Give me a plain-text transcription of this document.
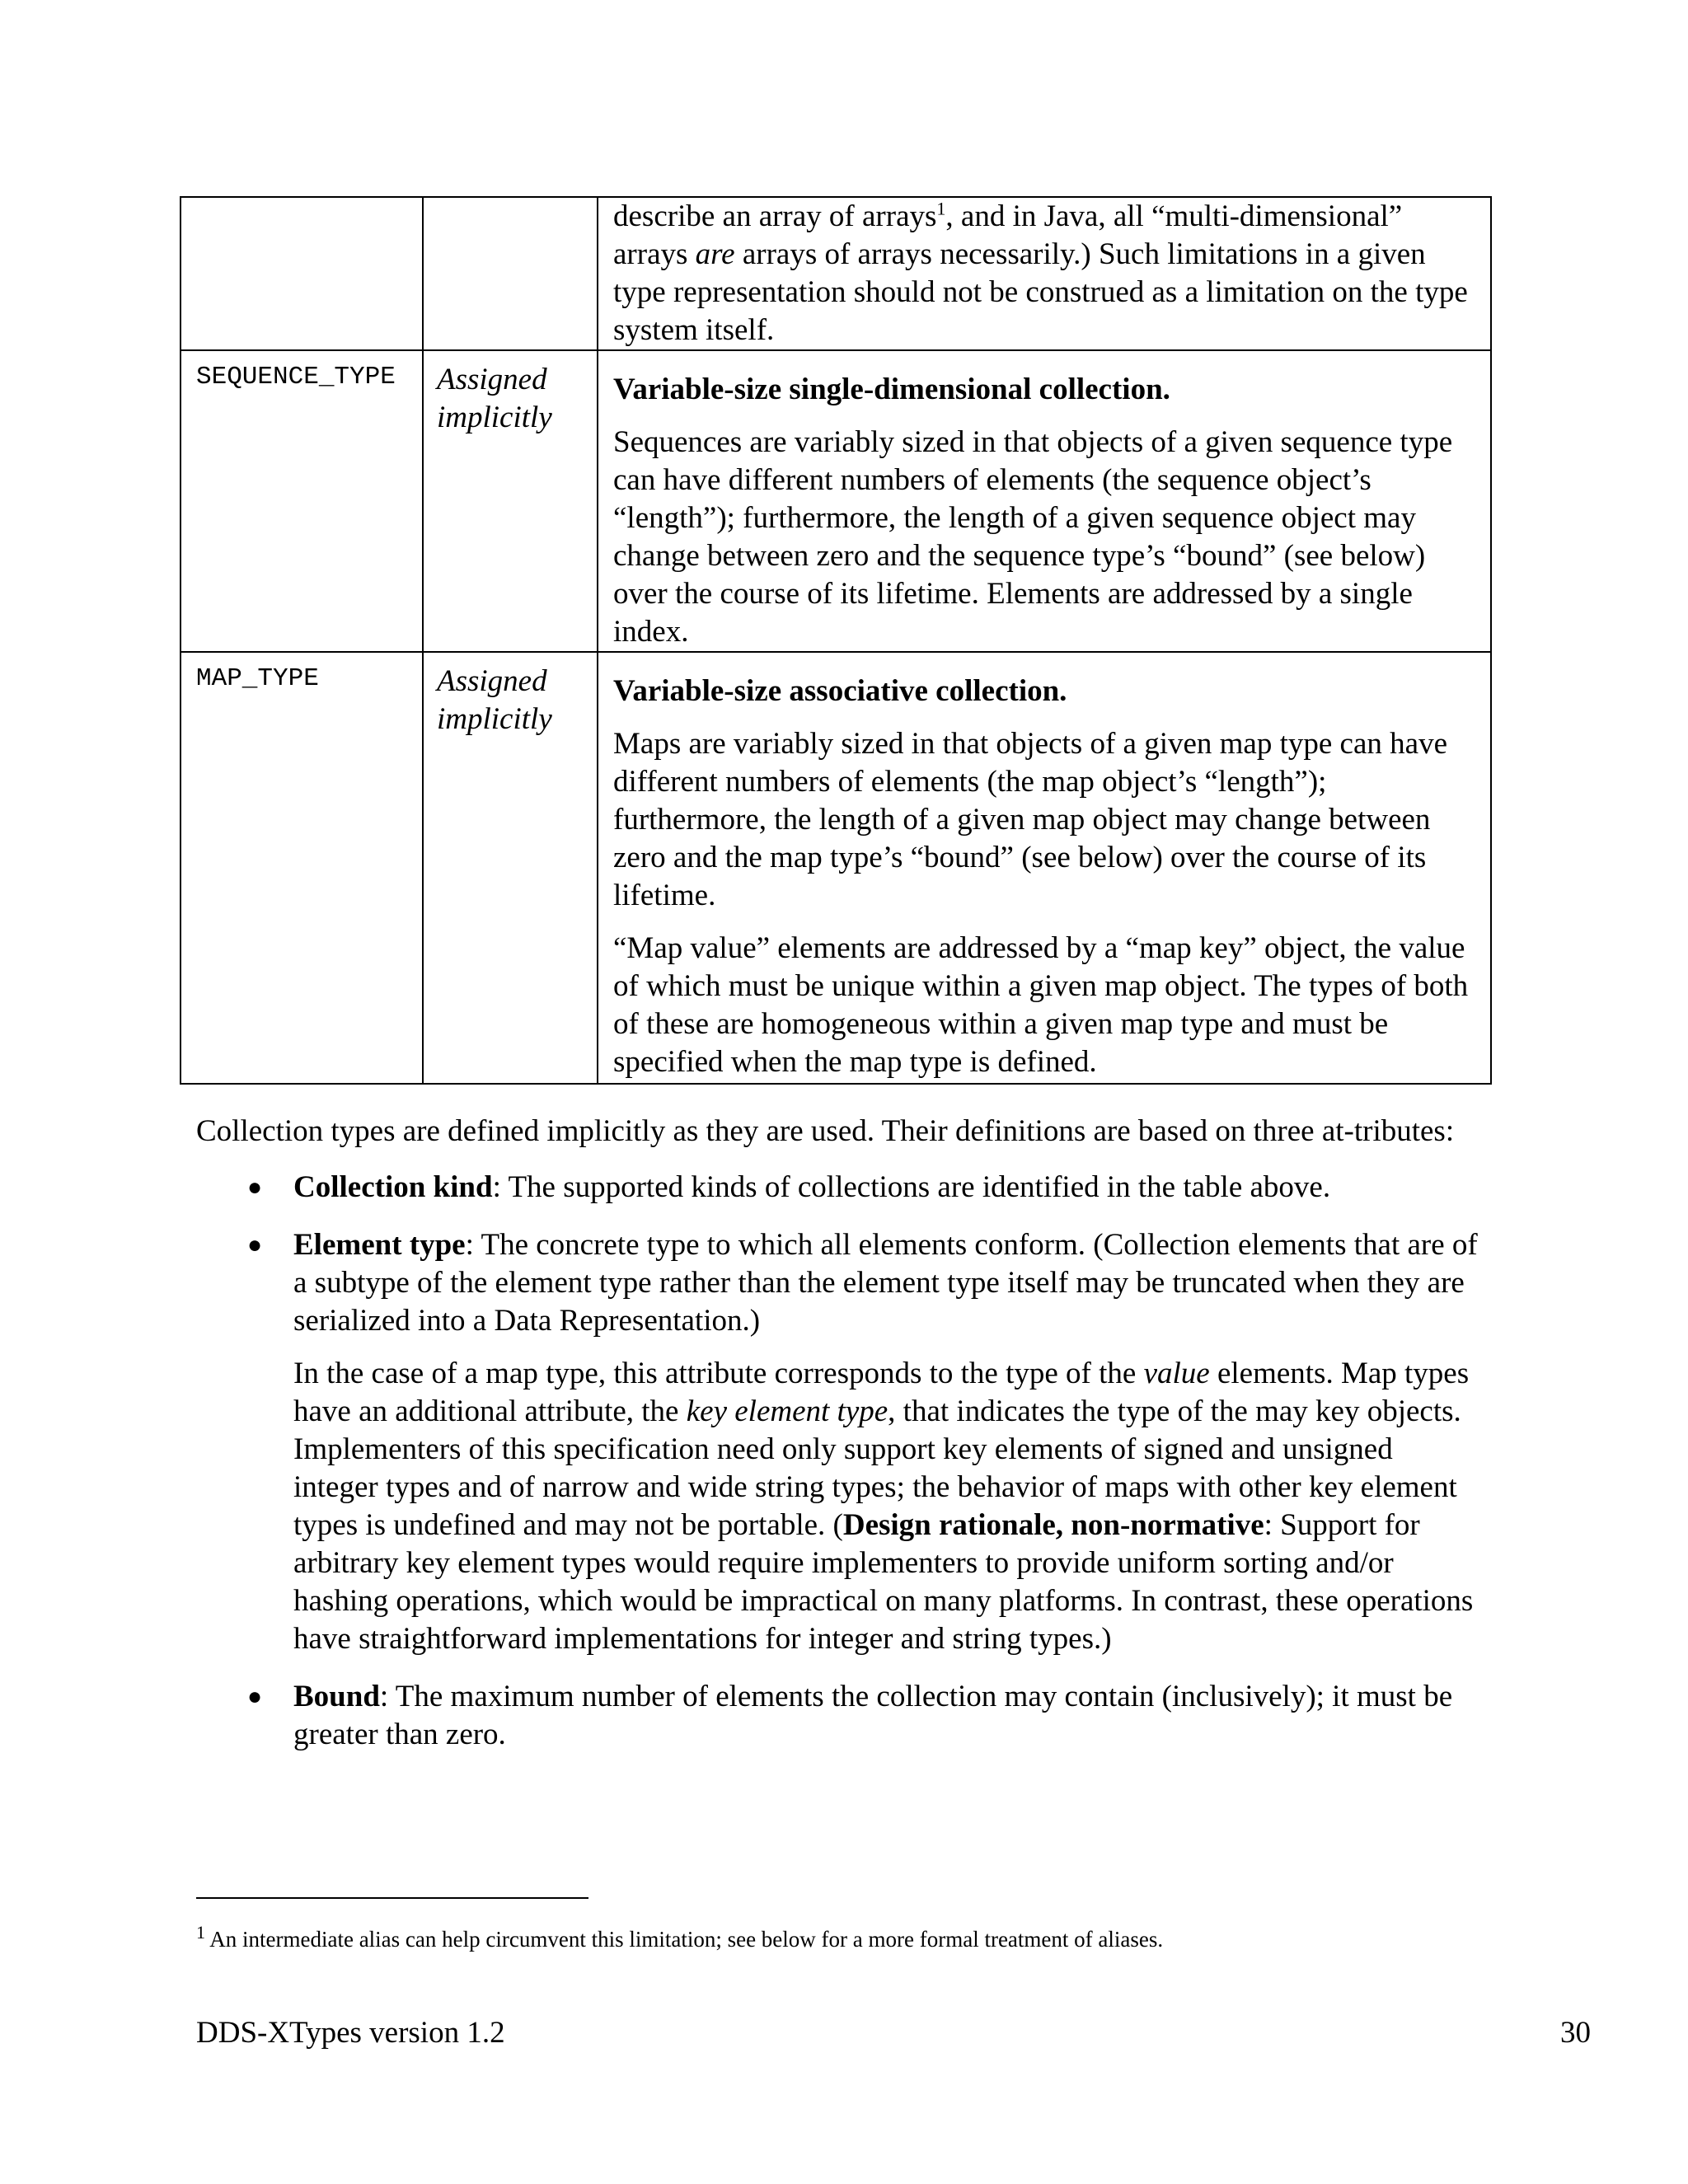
		describe an array of arrays$^1$, and in Java, all “multi-dimensional” arrays are arrays of arrays necessarily.) Such limitations in a given type representation should not be construed as a limitation on the type system itself.

SEQUENCE_TYPE	Assigned implicitly	Variable-size single-dimensional collection.

Sequences are variably sized in that objects of a given sequence type can have different numbers of elements (the sequence object’s “length”); furthermore, the length of a given sequence object may change between zero and the sequence type’s “bound” (see below) over the course of its lifetime. Elements are addressed by a single index.

MAP_TYPE	Assigned implicitly	Variable-size associative collection.

Maps are variably sized in that objects of a given map type can have different numbers of elements (the map object’s “length”); furthermore, the length of a given map object may change between zero and the map type’s “bound” (see below) over the course of its lifetime.

“Map value” elements are addressed by a “map key” object, the value of which must be unique within a given map object. The types of both of these are homogeneous within a given map type and must be specified when the map type is defined.

Collection types are defined implicitly as they are used. Their definitions are based on three at-tributes:

● Collection kind: The supported kinds of collections are identified in the table above.

● Element type: The concrete type to which all elements conform. (Collection elements that are of a subtype of the element type rather than the element type itself may be truncated when they are serialized into a Data Representation.)

In the case of a map type, this attribute corresponds to the type of the value elements. Map types have an additional attribute, the key element type, that indicates the type of the may key objects. Implementers of this specification need only support key elements of signed and unsigned integer types and of narrow and wide string types; the behavior of maps with other key element types is undefined and may not be portable. (Design rationale, non-normative: Support for arbitrary key element types would require implementers to provide uniform sorting and/or hashing operations, which would be impractical on many platforms. In contrast, these operations have straightforward implementations for integer and string types.)

● Bound: The maximum number of elements the collection may contain (inclusively); it must be greater than zero.

$^1$ An intermediate alias can help circumvent this limitation; see below for a more formal treatment of aliases.
DDS-XTypes version 1.2	30
